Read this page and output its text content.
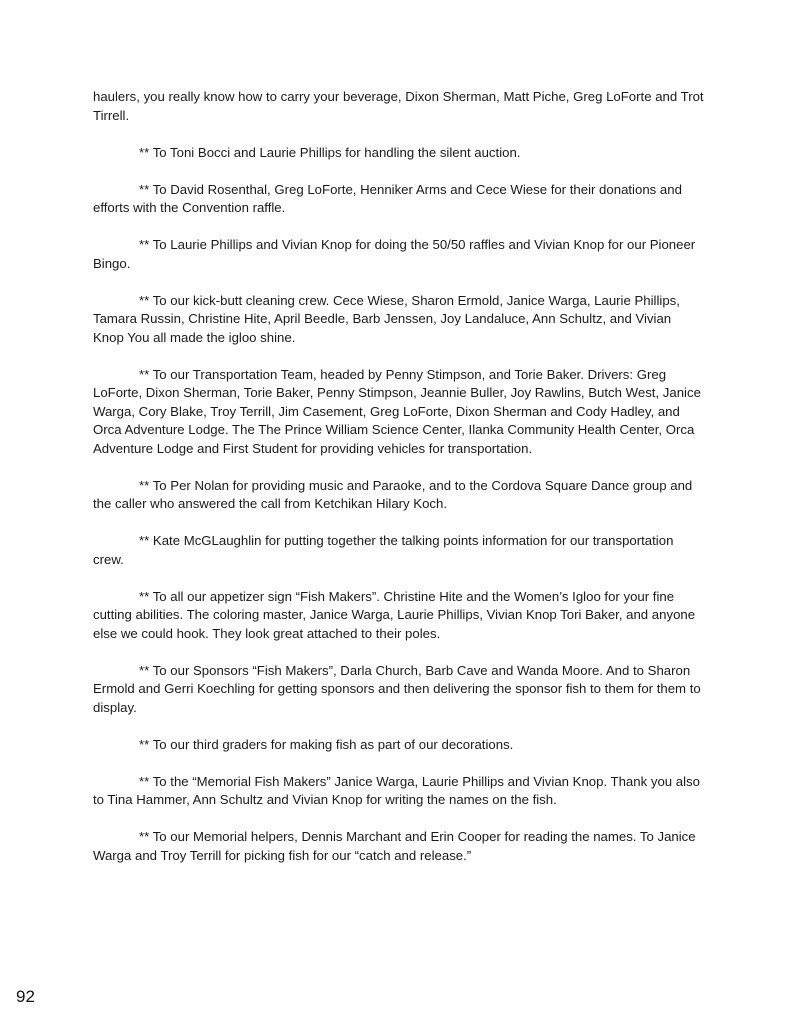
haulers, you really know how to carry your beverage, Dixon Sherman, Matt Piche, Greg LoForte and Trot Tirrell.

** To Toni Bocci and Laurie Phillips for handling the silent auction.

** To David Rosenthal, Greg LoForte, Henniker Arms and Cece Wiese for their donations and efforts with the Convention raffle.

** To Laurie Phillips and Vivian Knop for doing the 50/50 raffles and Vivian Knop for our Pioneer Bingo.

** To our kick-butt cleaning crew. Cece Wiese, Sharon Ermold, Janice Warga, Laurie Phillips, Tamara Russin, Christine Hite, April Beedle, Barb Jenssen, Joy Landaluce, Ann Schultz, and Vivian Knop You all made the igloo shine.

** To our Transportation Team, headed by Penny Stimpson, and Torie Baker. Drivers: Greg LoForte, Dixon Sherman, Torie Baker, Penny Stimpson, Jeannie Buller, Joy Rawlins, Butch West, Janice Warga, Cory Blake, Troy Terrill, Jim Casement, Greg LoForte, Dixon Sherman and Cody Hadley, and Orca Adventure Lodge. The The Prince William Science Center, Ilanka Community Health Center, Orca Adventure Lodge and First Student for providing vehicles for transportation.

** To Per Nolan for providing music and Paraoke, and to the Cordova Square Dance group and the caller who answered the call from Ketchikan Hilary Koch.

** Kate McGLaughlin for putting together the talking points information for our transportation crew.

** To all our appetizer sign “Fish Makers”. Christine Hite and the Women’s Igloo for your fine cutting abilities. The coloring master, Janice Warga, Laurie Phillips, Vivian Knop Tori Baker, and anyone else we could hook. They look great attached to their poles.

** To our Sponsors “Fish Makers”, Darla Church, Barb Cave and Wanda Moore. And to Sharon Ermold and Gerri Koechling for getting sponsors and then delivering the sponsor fish to them for them to display.

** To our third graders for making fish as part of our decorations.

** To the “Memorial Fish Makers” Janice Warga, Laurie Phillips and Vivian Knop. Thank you also to Tina Hammer, Ann Schultz and Vivian Knop for writing the names on the fish.

** To our Memorial helpers, Dennis Marchant and Erin Cooper for reading the names. To Janice Warga and Troy Terrill for picking fish for our “catch and release.”

92
